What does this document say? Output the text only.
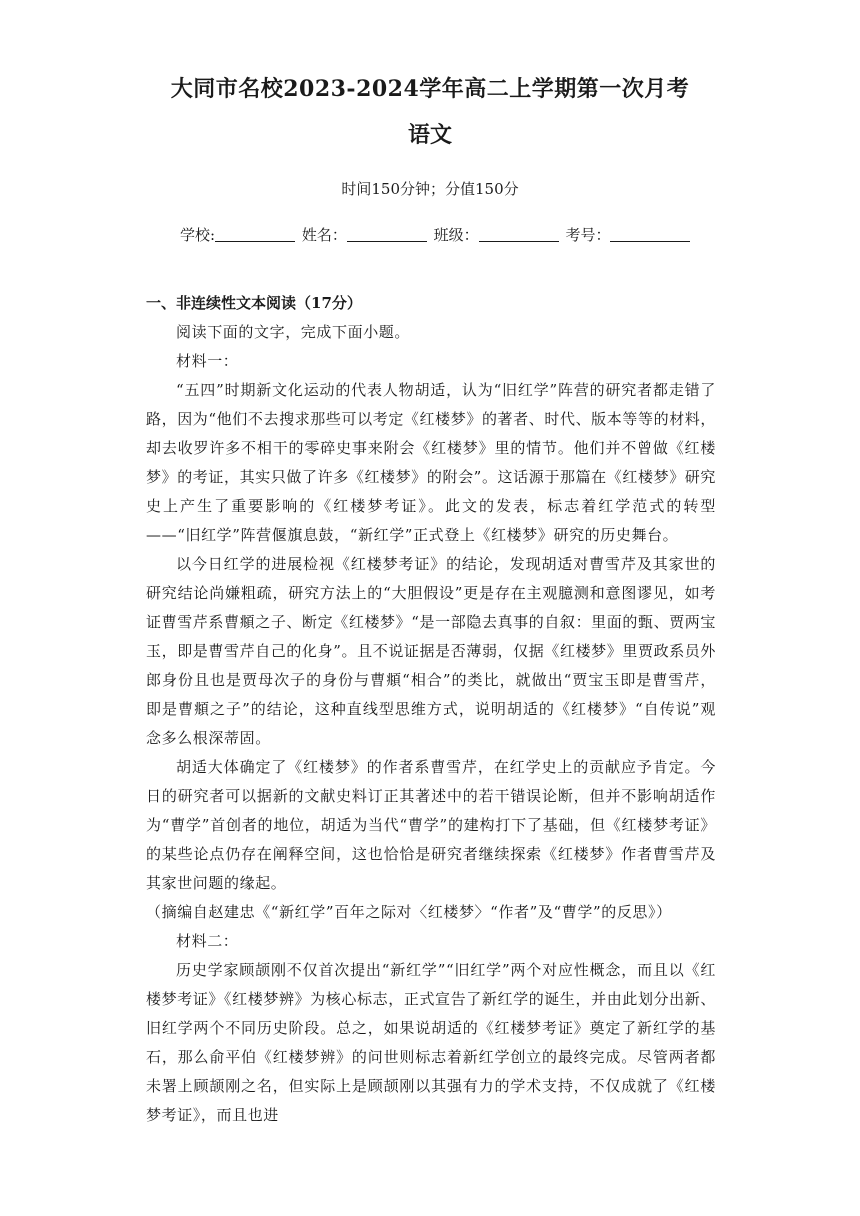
大同市名校2023-2024学年高二上学期第一次月考
语文
时间150分钟；分值150分
学校:	姓名：	班级：	考号：
一、非连续性文本阅读（17分）

阅读下面的文字，完成下面小题。

材料一：

“五四”时期新文化运动的代表人物胡适，认为“旧红学”阵营的研究者都走错了路，因为“他们不去搜求那些可以考定《红楼梦》的著者、时代、版本等等的材料，却去收罗许多不相干的零碎史事来附会《红楼梦》里的情节。他们并不曾做《红楼梦》的考证，其实只做了许多《红楼梦》的附会”。这话源于那篇在《红楼梦》研究史上产生了重要影响的《红楼梦考证》。此文的发表，标志着红学范式的转型——“旧红学”阵营偃旗息鼓，“新红学”正式登上《红楼梦》研究的历史舞台。

以今日红学的进展检视《红楼梦考证》的结论，发现胡适对曹雪芹及其家世的研究结论尚嫌粗疏，研究方法上的“大胆假设”更是存在主观臆测和意图谬见，如考证曹雪芹系曹頫之子、断定《红楼梦》“是一部隐去真事的自叙：里面的甄、贾两宝玉，即是曹雪芹自己的化身”。且不说证据是否薄弱，仅据《红楼梦》里贾政系员外郎身份且也是贾母次子的身份与曹頫“相合”的类比，就做出“贾宝玉即是曹雪芹，即是曹頫之子”的结论，这种直线型思维方式，说明胡适的《红楼梦》“自传说”观念多么根深蒂固。

胡适大体确定了《红楼梦》的作者系曹雪芹，在红学史上的贡献应予肯定。今日的研究者可以据新的文献史料订正其著述中的若干错误论断，但并不影响胡适作为“曹学”首创者的地位，胡适为当代“曹学”的建构打下了基础，但《红楼梦考证》的某些论点仍存在阐释空间，这也恰恰是研究者继续探索《红楼梦》作者曹雪芹及其家世问题的缘起。

（摘编自赵建忠《“新红学”百年之际对〈红楼梦〉“作者”及“曹学”的反思》）

材料二：

历史学家顾颉刚不仅首次提出“新红学”“旧红学”两个对应性概念，而且以《红楼梦考证》《红楼梦辨》为核心标志，正式宣告了新红学的诞生，并由此划分出新、旧红学两个不同历史阶段。总之，如果说胡适的《红楼梦考证》奠定了新红学的基石，那么俞平伯《红楼梦辨》的问世则标志着新红学创立的最终完成。尽管两者都未署上顾颉刚之名，但实际上是顾颉刚以其强有力的学术支持，不仅成就了《红楼梦考证》，而且也进
